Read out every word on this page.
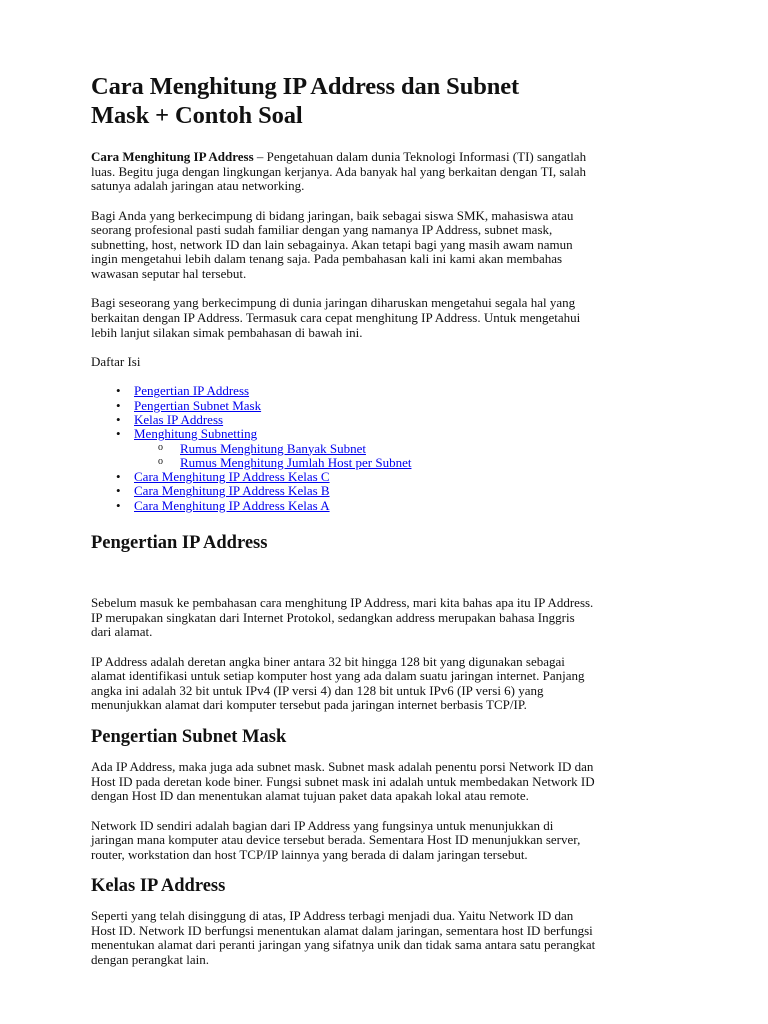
Cara Menghitung IP Address dan Subnet
Mask + Contoh Soal

Cara Menghitung IP Address – Pengetahuan dalam dunia Teknologi Informasi (TI) sangatlah
luas. Begitu juga dengan lingkungan kerjanya. Ada banyak hal yang berkaitan dengan TI, salah
satunya adalah jaringan atau networking.

Bagi Anda yang berkecimpung di bidang jaringan, baik sebagai siswa SMK, mahasiswa atau
seorang profesional pasti sudah familiar dengan yang namanya IP Address, subnet mask,
subnetting, host, network ID dan lain sebagainya. Akan tetapi bagi yang masih awam namun
ingin mengetahui lebih dalam tenang saja. Pada pembahasan kali ini kami akan membahas
wawasan seputar hal tersebut.

Bagi seseorang yang berkecimpung di dunia jaringan diharuskan mengetahui segala hal yang
berkaitan dengan IP Address. Termasuk cara cepat menghitung IP Address. Untuk mengetahui
lebih lanjut silakan simak pembahasan di bawah ini.

Daftar Isi

• Pengertian IP Address
• Pengertian Subnet Mask
• Kelas IP Address
• Menghitung Subnetting
o Rumus Menghitung Banyak Subnet
o Rumus Menghitung Jumlah Host per Subnet
• Cara Menghitung IP Address Kelas C
• Cara Menghitung IP Address Kelas B
• Cara Menghitung IP Address Kelas A
Pengertian IP Address

Sebelum masuk ke pembahasan cara menghitung IP Address, mari kita bahas apa itu IP Address.
IP merupakan singkatan dari Internet Protokol, sedangkan address merupakan bahasa Inggris
dari alamat.

IP Address adalah deretan angka biner antara 32 bit hingga 128 bit yang digunakan sebagai
alamat identifikasi untuk setiap komputer host yang ada dalam suatu jaringan internet. Panjang
angka ini adalah 32 bit untuk IPv4 (IP versi 4) dan 128 bit untuk IPv6 (IP versi 6) yang
menunjukkan alamat dari komputer tersebut pada jaringan internet berbasis TCP/IP.

Pengertian Subnet Mask

Ada IP Address, maka juga ada subnet mask. Subnet mask adalah penentu porsi Network ID dan
Host ID pada deretan kode biner. Fungsi subnet mask ini adalah untuk membedakan Network ID
dengan Host ID dan menentukan alamat tujuan paket data apakah lokal atau remote.

Network ID sendiri adalah bagian dari IP Address yang fungsinya untuk menunjukkan di
jaringan mana komputer atau device tersebut berada. Sementara Host ID menunjukkan server,
router, workstation dan host TCP/IP lainnya yang berada di dalam jaringan tersebut.

Kelas IP Address

Seperti yang telah disinggung di atas, IP Address terbagi menjadi dua. Yaitu Network ID dan
Host ID. Network ID berfungsi menentukan alamat dalam jaringan, sementara host ID berfungsi
menentukan alamat dari peranti jaringan yang sifatnya unik dan tidak sama antara satu perangkat
dengan perangkat lain.
